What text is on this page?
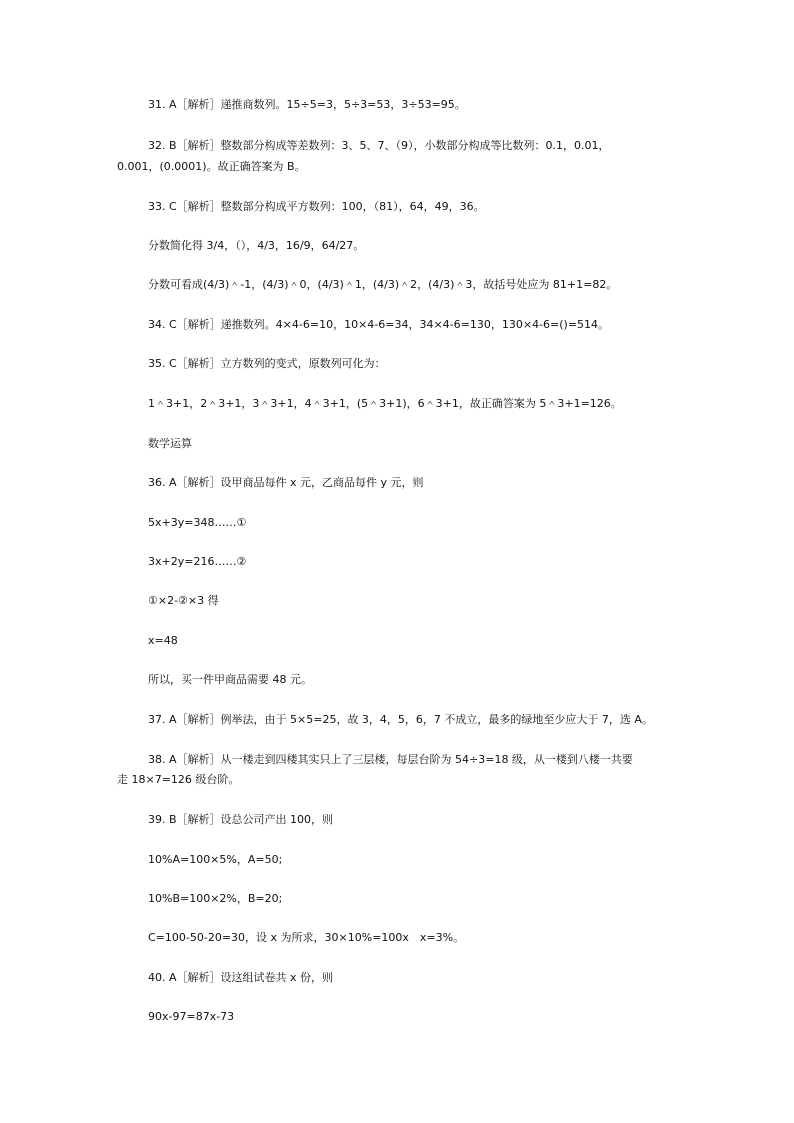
31. A［解析］递推商数列。15÷5=3，5÷3=53，3÷53=95。
32. B［解析］整数部分构成等差数列：3、5、7、（9），小数部分构成等比数列：0.1，0.01，
0.001，(0.0001)。故正确答案为 B。
33. C［解析］整数部分构成平方数列：100，（81），64，49，36。
分数简化得 3/4，（），4/3，16/9，64/27。
分数可看成(4/3)＾-1，(4/3)＾0，(4/3)＾1，(4/3)＾2，(4/3)＾3，故括号处应为 81+1=82。
34. C［解析］递推数列。4×4-6=10，10×4-6=34，34×4-6=130，130×4-6=()=514。
35. C［解析］立方数列的变式，原数列可化为：
1＾3+1，2＾3+1，3＾3+1，4＾3+1，(5＾3+1)，6＾3+1，故正确答案为 5＾3+1=126。
数学运算
36. A［解析］设甲商品每件 x 元，乙商品每件 y 元，则
5x+3y=348……①
3x+2y=216……②
①×2-②×3 得
x=48
所以，买一件甲商品需要 48 元。
37. A［解析］例举法，由于 5×5=25，故 3，4，5，6，7 不成立，最多的绿地至少应大于 7，选 A。
38. A［解析］从一楼走到四楼其实只上了三层楼，每层台阶为 54÷3=18 级，从一楼到八楼一共要
走 18×7=126 级台阶。
39. B［解析］设总公司产出 100，则
10%A=100×5%，A=50;
10%B=100×2%，B=20;
C=100-50-20=30，设 x 为所求，30×10%=100x　x=3%。
40. A［解析］设这组试卷共 x 份，则
90x-97=87x-73
